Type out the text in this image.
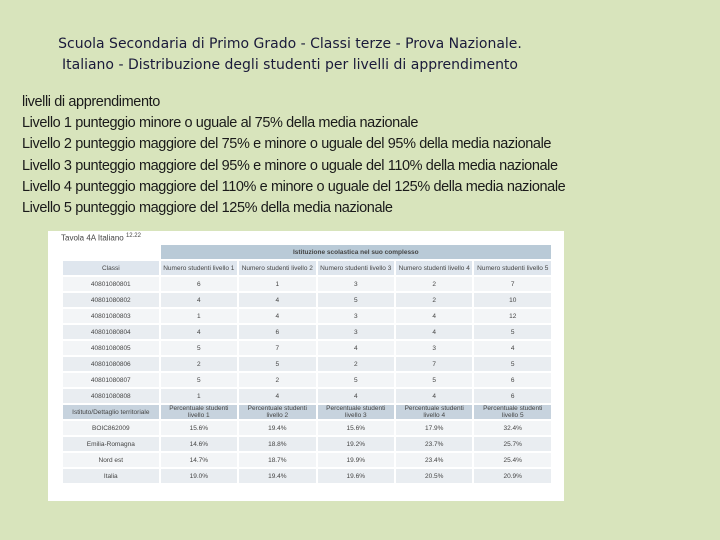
Scuola Secondaria di Primo Grado - Classi terze - Prova Nazionale.
Italiano - Distribuzione degli studenti per livelli di apprendimento
livelli di apprendimento
Livello 1 punteggio minore o uguale al 75% della media nazionale
Livello 2 punteggio maggiore del 75% e minore o uguale del 95% della media nazionale
Livello 3 punteggio maggiore del 95% e minore o uguale del 110% della media nazionale
Livello 4 punteggio maggiore del 110% e minore o uguale del 125% della media nazionale
Livello 5 punteggio maggiore del 125% della media nazionale
Tavola 4A Italiano $^{12.22}$
	Istituzione scolastica nel suo complesso				
Classi	Numero studenti livello 1	Numero studenti livello 2	Numero studenti livello 3	Numero studenti livello 4	Numero studenti livello 5
40801080801	6	1	3	2	7
40801080802	4	4	5	2	10
40801080803	1	4	3	4	12
40801080804	4	6	3	4	5
40801080805	5	7	4	3	4
40801080806	2	5	2	7	5
40801080807	5	2	5	5	6
40801080808	1	4	4	4	6
Istituto/Dettaglio territoriale	Percentuale studenti livello 1	Percentuale studenti livello 2	Percentuale studenti livello 3	Percentuale studenti livello 4	Percentuale studenti livello 5
BOIC862009	15.6%	19.4%	15.6%	17.9%	32.4%
Emilia-Romagna	14.6%	18.8%	19.2%	23.7%	25.7%
Nord est	14.7%	18.7%	19.9%	23.4%	25.4%
Italia	19.0%	19.4%	19.6%	20.5%	20.9%
